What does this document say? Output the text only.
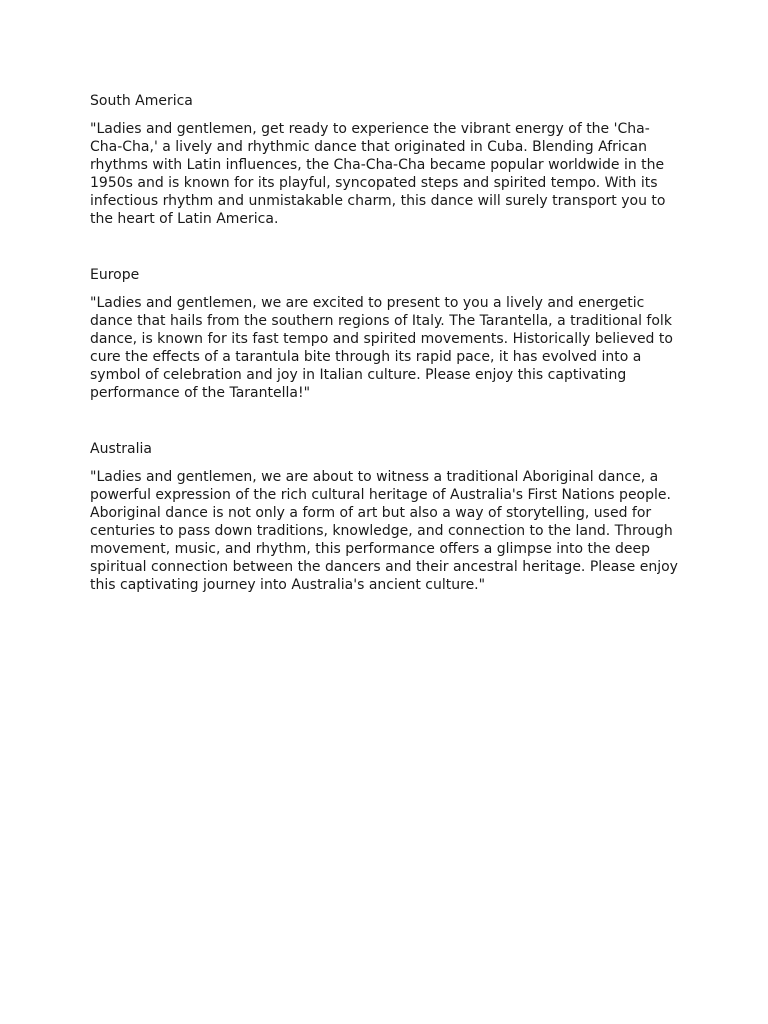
South America

"Ladies and gentlemen, get ready to experience the vibrant energy of the 'Cha-Cha-Cha,' a lively and rhythmic dance that originated in Cuba. Blending African rhythms with Latin influences, the Cha-Cha-Cha became popular worldwide in the 1950s and is known for its playful, syncopated steps and spirited tempo. With its infectious rhythm and unmistakable charm, this dance will surely transport you to the heart of Latin America.

Europe

"Ladies and gentlemen, we are excited to present to you a lively and energetic dance that hails from the southern regions of Italy. The Tarantella, a traditional folk dance, is known for its fast tempo and spirited movements. Historically believed to cure the effects of a tarantula bite through its rapid pace, it has evolved into a symbol of celebration and joy in Italian culture. Please enjoy this captivating performance of the Tarantella!"

Australia

"Ladies and gentlemen, we are about to witness a traditional Aboriginal dance, a powerful expression of the rich cultural heritage of Australia's First Nations people. Aboriginal dance is not only a form of art but also a way of storytelling, used for centuries to pass down traditions, knowledge, and connection to the land. Through movement, music, and rhythm, this performance offers a glimpse into the deep spiritual connection between the dancers and their ancestral heritage. Please enjoy this captivating journey into Australia's ancient culture."
